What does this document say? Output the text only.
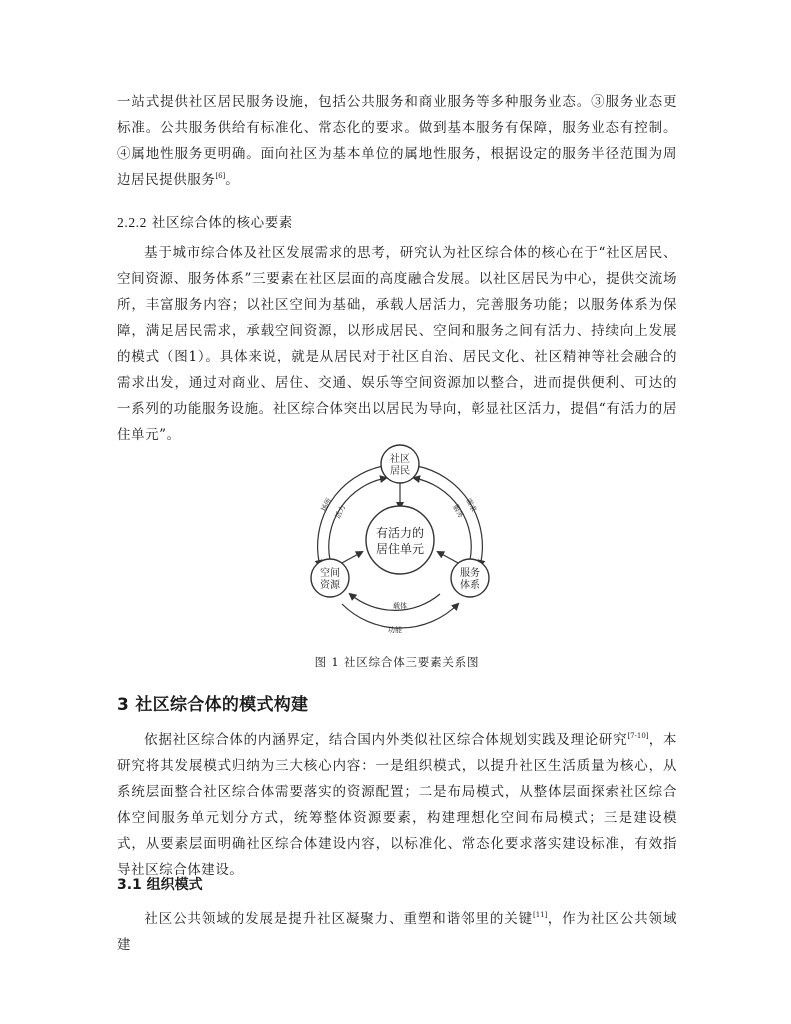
一站式提供社区居民服务设施，包括公共服务和商业服务等多种服务业态。③服务业态更标准。公共服务供给有标准化、常态化的要求。做到基本服务有保障，服务业态有控制。④属地性服务更明确。面向社区为基本单位的属地性服务，根据设定的服务半径范围为周边居民提供服务[6]。

2.2.2 社区综合体的核心要素

基于城市综合体及社区发展需求的思考，研究认为社区综合体的核心在于“社区居民、空间资源、服务体系”三要素在社区层面的高度融合发展。以社区居民为中心，提供交流场所，丰富服务内容；以社区空间为基础，承载人居活力，完善服务功能；以服务体系为保障，满足居民需求，承载空间资源，以形成居民、空间和服务之间有活力、持续向上发展的模式（图1）。具体来说，就是从居民对于社区自治、居民文化、社区精神等社会融合的需求出发，通过对商业、居住、交通、娱乐等空间资源加以整合，进而提供便利、可达的一系列的功能服务设施。社区综合体突出以居民为导向，彰显社区活力，提倡“有活力的居住单元”。

有活力的
居住单元
社区
居民
空间
资源
服务
体系
场所 活力	需求
服务
载体
功能

图 1 社区综合体三要素关系图

3 社区综合体的模式构建

依据社区综合体的内涵界定，结合国内外类似社区综合体规划实践及理论研究[7-10]，本研究将其发展模式归纳为三大核心内容：一是组织模式，以提升社区生活质量为核心，从系统层面整合社区综合体需要落实的资源配置；二是布局模式，从整体层面探索社区综合体空间服务单元划分方式，统筹整体资源要素，构建理想化空间布局模式；三是建设模式，从要素层面明确社区综合体建设内容，以标准化、常态化要求落实建设标准，有效指导社区综合体建设。

3.1 组织模式

社区公共领域的发展是提升社区凝聚力、重塑和谐邻里的关键[11]，作为社区公共领域建
